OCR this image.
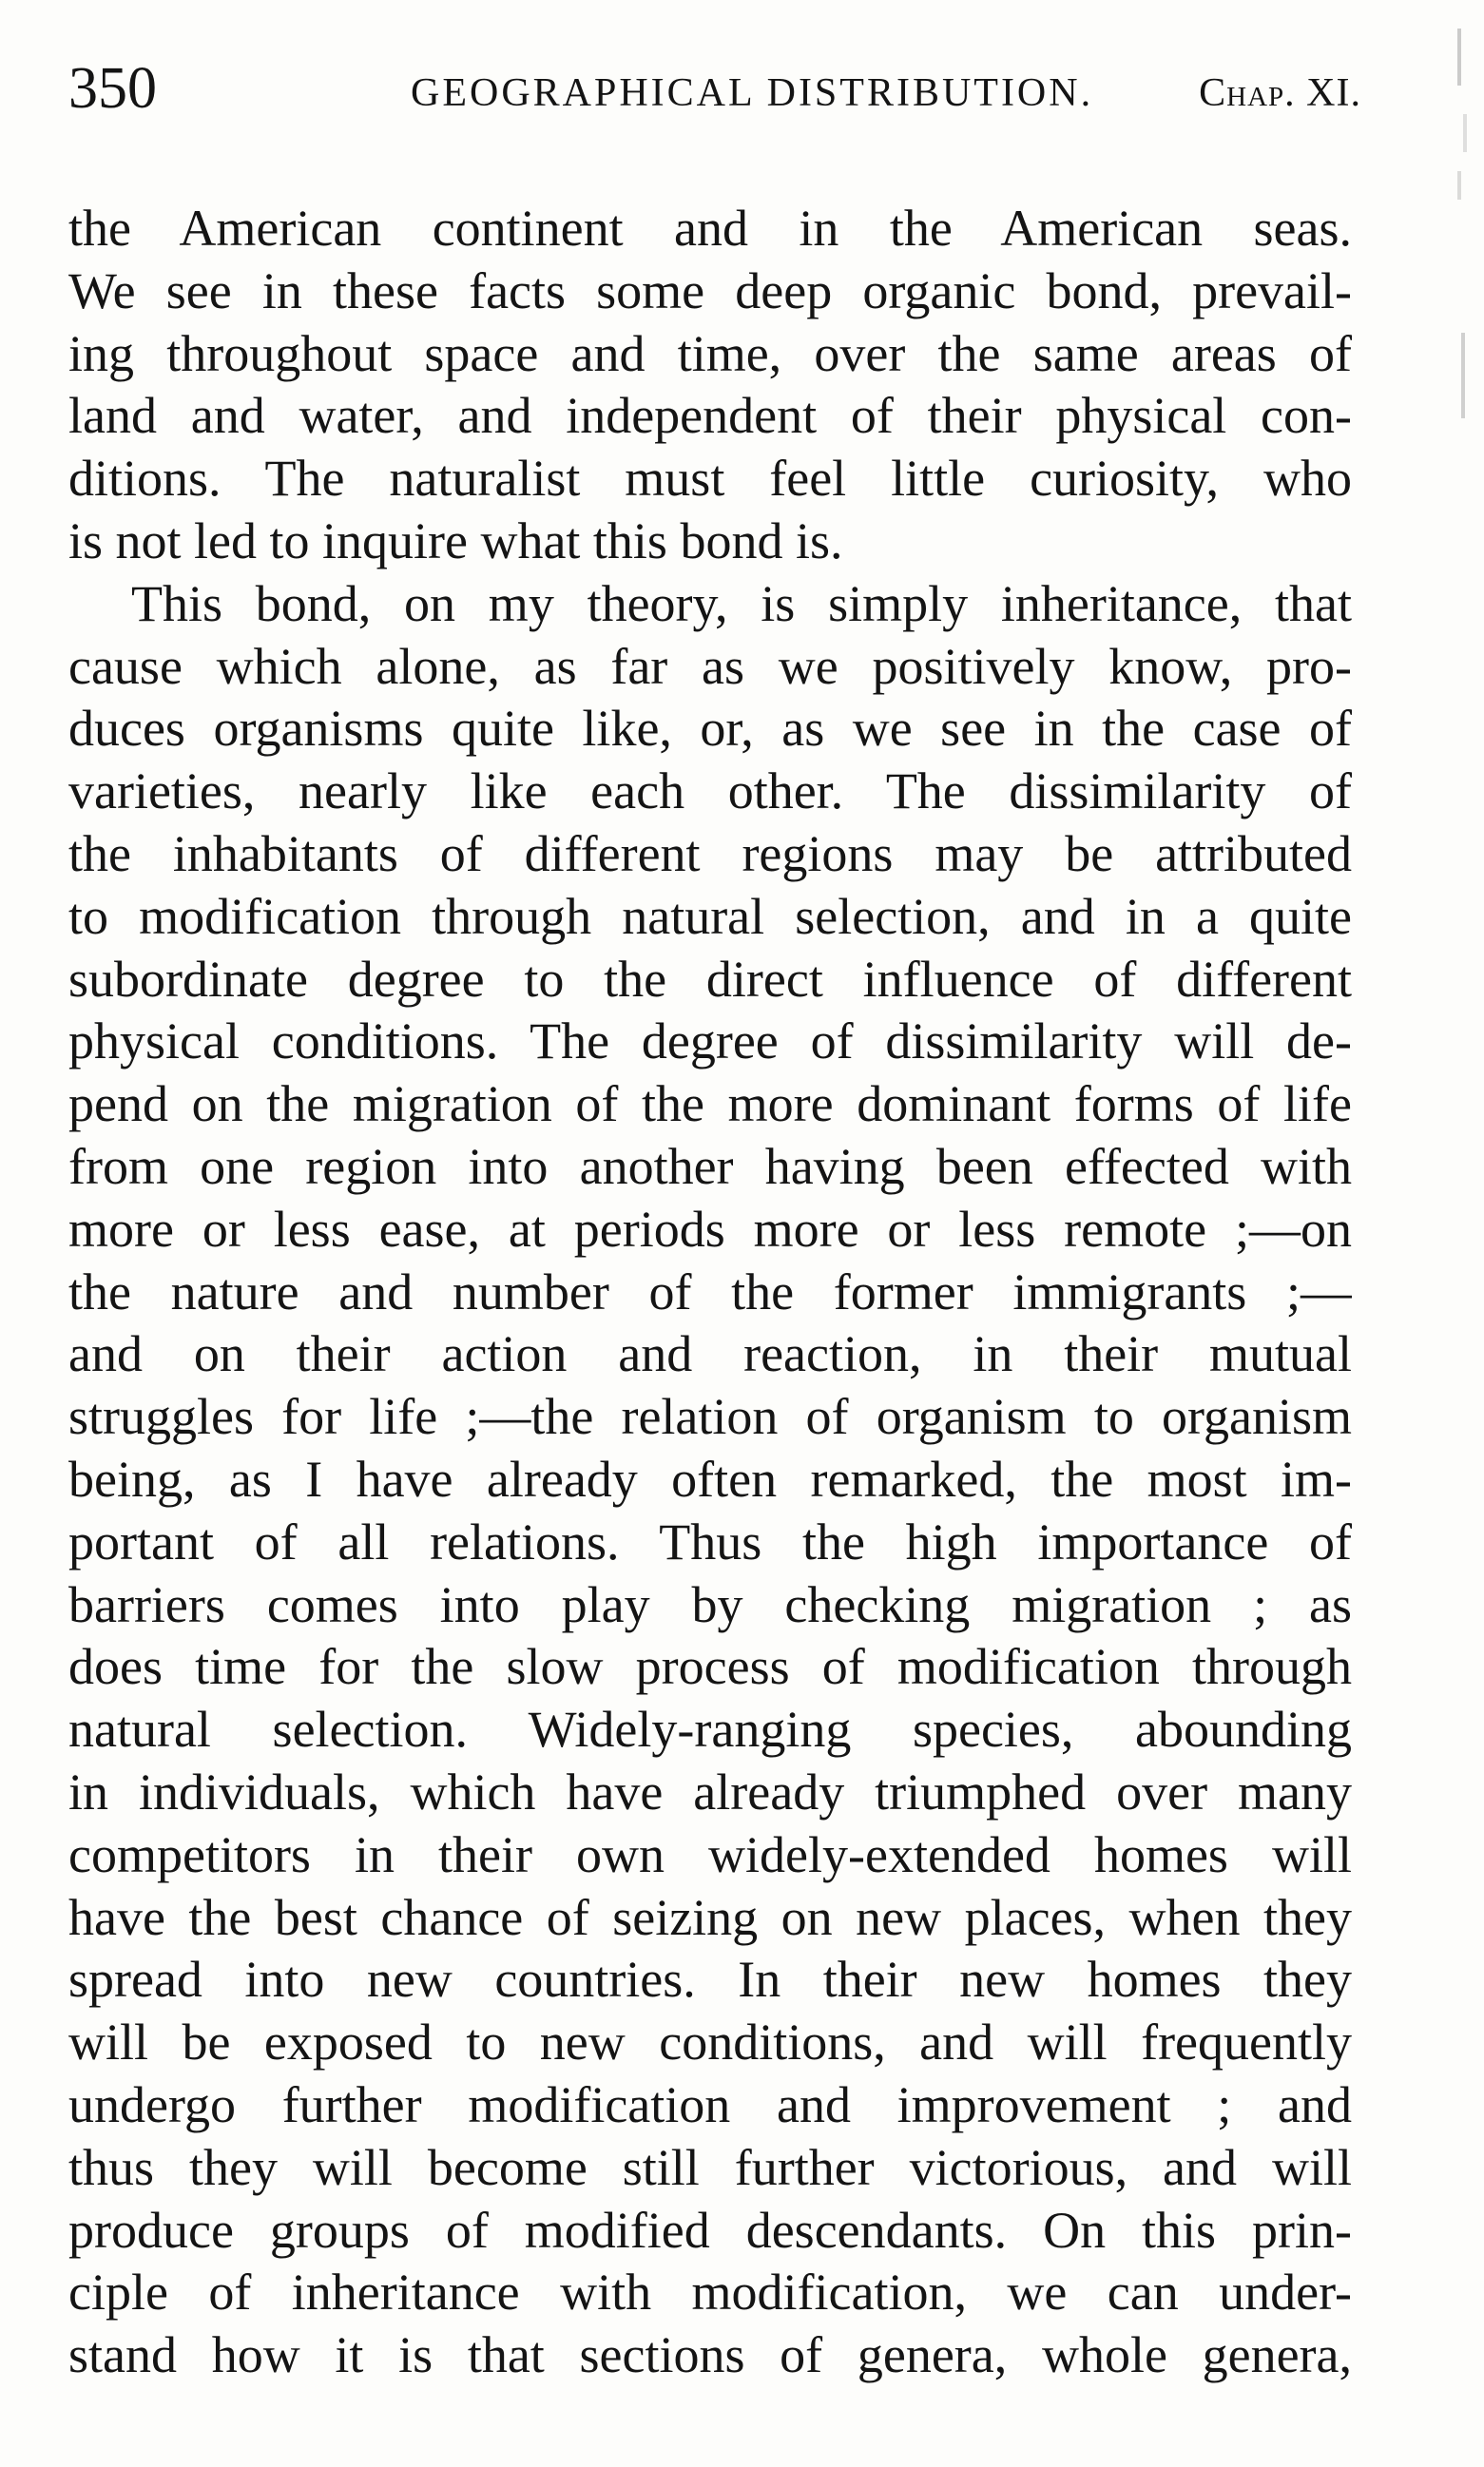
350	GEOGRAPHICAL DISTRIBUTION.	Chap. XI.
the American continent and in the American seas.
We see in these facts some deep organic bond, prevail-
ing throughout space and time, over the same areas of
land and water, and independent of their physical con-
ditions. The naturalist must feel little curiosity, who
is not led to inquire what this bond is.
This bond, on my theory, is simply inheritance, that
cause which alone, as far as we positively know, pro-
duces organisms quite like, or, as we see in the case of
varieties, nearly like each other. The dissimilarity of
the inhabitants of different regions may be attributed
to modification through natural selection, and in a quite
subordinate degree to the direct influence of different
physical conditions. The degree of dissimilarity will de-
pend on the migration of the more dominant forms of life
from one region into another having been effected with
more or less ease, at periods more or less remote ;—on
the nature and number of the former immigrants ;—
and on their action and reaction, in their mutual
struggles for life ;—the relation of organism to organism
being, as I have already often remarked, the most im-
portant of all relations. Thus the high importance of
barriers comes into play by checking migration ; as
does time for the slow process of modification through
natural selection. Widely-ranging species, abounding
in individuals, which have already triumphed over many
competitors in their own widely-extended homes will
have the best chance of seizing on new places, when they
spread into new countries. In their new homes they
will be exposed to new conditions, and will frequently
undergo further modification and improvement ; and
thus they will become still further victorious, and will
produce groups of modified descendants. On this prin-
ciple of inheritance with modification, we can under-
stand how it is that sections of genera, whole genera,
